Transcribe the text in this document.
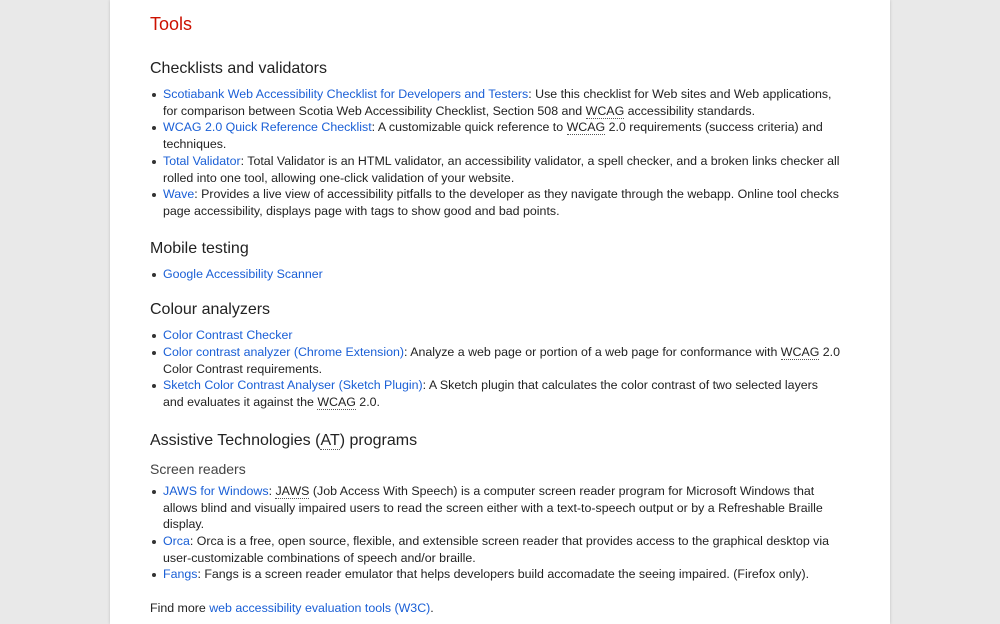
Tools
Checklists and validators
Scotiabank Web Accessibility Checklist for Developers and Testers: Use this checklist for Web sites and Web applications, for comparison between Scotia Web Accessibility Checklist, Section 508 and WCAG accessibility standards.
WCAG 2.0 Quick Reference Checklist: A customizable quick reference to WCAG 2.0 requirements (success criteria) and techniques.
Total Validator: Total Validator is an HTML validator, an accessibility validator, a spell checker, and a broken links checker all rolled into one tool, allowing one-click validation of your website.
Wave: Provides a live view of accessibility pitfalls to the developer as they navigate through the webapp. Online tool checks page accessibility, displays page with tags to show good and bad points.
Mobile testing
Google Accessibility Scanner
Colour analyzers
Color Contrast Checker
Color contrast analyzer (Chrome Extension): Analyze a web page or portion of a web page for conformance with WCAG 2.0 Color Contrast requirements.
Sketch Color Contrast Analyser (Sketch Plugin): A Sketch plugin that calculates the color contrast of two selected layers and evaluates it against the WCAG 2.0.
Assistive Technologies (AT) programs
Screen readers
JAWS for Windows: JAWS (Job Access With Speech) is a computer screen reader program for Microsoft Windows that allows blind and visually impaired users to read the screen either with a text-to-speech output or by a Refreshable Braille display.
Orca: Orca is a free, open source, flexible, and extensible screen reader that provides access to the graphical desktop via user-customizable combinations of speech and/or braille.
Fangs: Fangs is a screen reader emulator that helps developers build accomadate the seeing impaired. (Firefox only).

Find more web accessibility evaluation tools (W3C).
